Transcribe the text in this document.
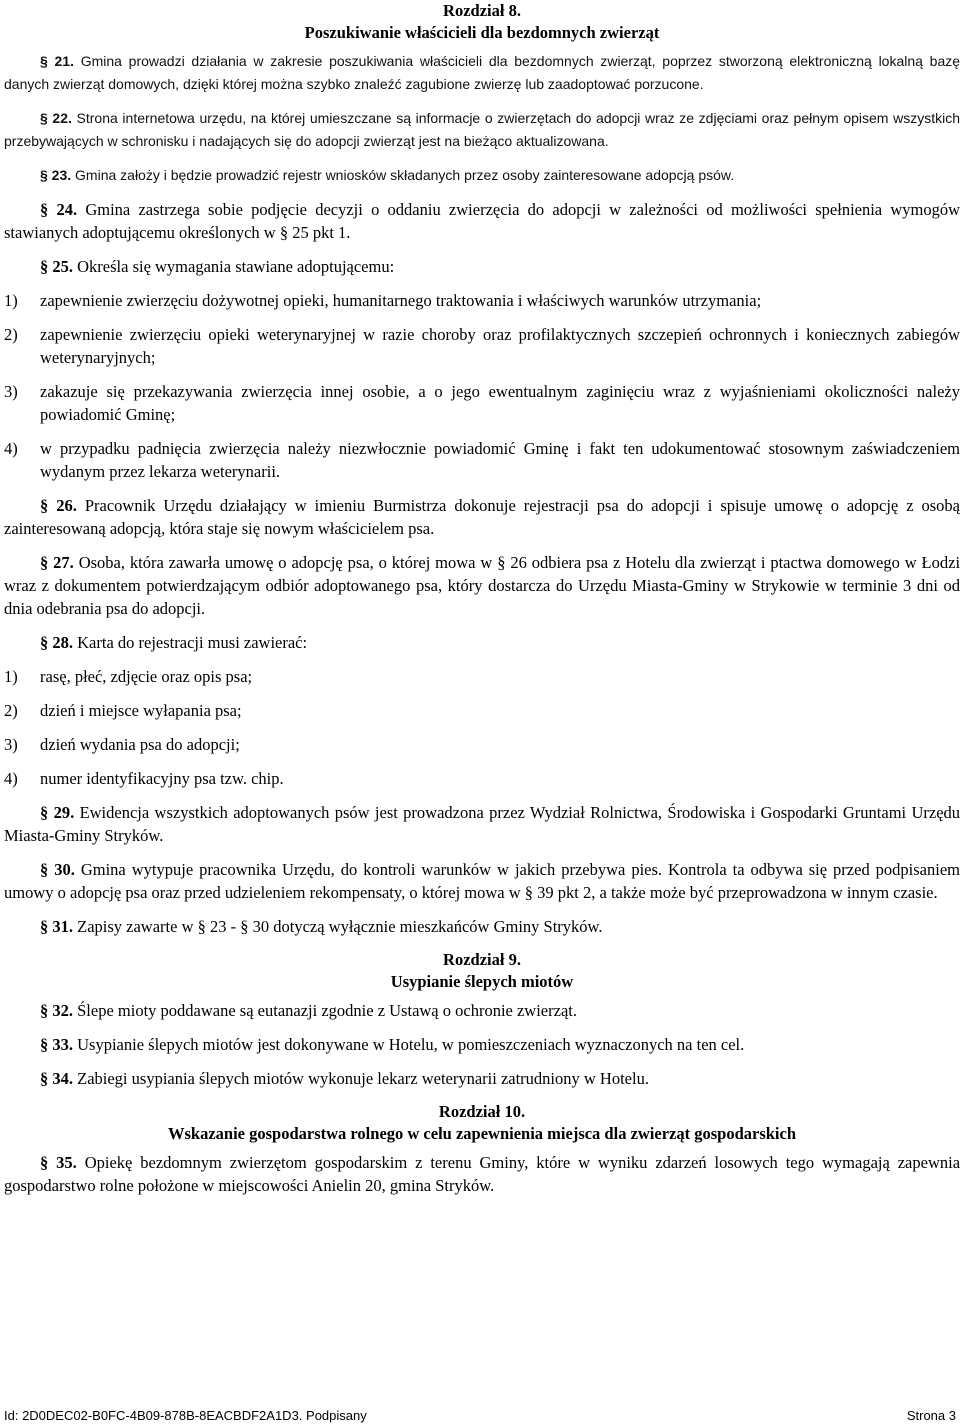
Rozdział 8.
Poszukiwanie właścicieli dla bezdomnych zwierząt

§ 21. Gmina prowadzi działania w zakresie poszukiwania właścicieli dla bezdomnych zwierząt, poprzez stworzoną elektroniczną lokalną bazę danych zwierząt domowych, dzięki której można szybko znaleźć zagubione zwierzę lub zaadoptować porzucone.

§ 22. Strona internetowa urzędu, na której umieszczane są informacje o zwierzętach do adopcji wraz ze zdjęciami oraz pełnym opisem wszystkich przebywających w schronisku i nadających się do adopcji zwierząt jest na bieżąco aktualizowana.

§ 23. Gmina założy i będzie prowadzić rejestr wniosków składanych przez osoby zainteresowane adopcją psów.

§ 24. Gmina zastrzega sobie podjęcie decyzji o oddaniu zwierzęcia do adopcji w zależności od możliwości spełnienia wymogów stawianych adoptującemu określonych w § 25 pkt 1.

§ 25. Określa się wymagania stawiane adoptującemu:

1) zapewnienie zwierzęciu dożywotnej opieki, humanitarnego traktowania i właściwych warunków utrzymania;

2) zapewnienie zwierzęciu opieki weterynaryjnej w razie choroby oraz profilaktycznych szczepień ochronnych i koniecznych zabiegów weterynaryjnych;

3) zakazuje się przekazywania zwierzęcia innej osobie, a o jego ewentualnym zaginięciu wraz z wyjaśnieniami okoliczności należy powiadomić Gminę;

4) w przypadku padnięcia zwierzęcia należy niezwłocznie powiadomić Gminę i fakt ten udokumentować stosownym zaświadczeniem wydanym przez lekarza weterynarii.

§ 26. Pracownik Urzędu działający w imieniu Burmistrza dokonuje rejestracji psa do adopcji i spisuje umowę o adopcję z osobą zainteresowaną adopcją, która staje się nowym właścicielem psa.

§ 27. Osoba, która zawarła umowę o adopcję psa, o której mowa w § 26 odbiera psa z Hotelu dla zwierząt i ptactwa domowego w Łodzi wraz z dokumentem potwierdzającym odbiór adoptowanego psa, który dostarcza do Urzędu Miasta-Gminy w Strykowie w terminie 3 dni od dnia odebrania psa do adopcji.

§ 28. Karta do rejestracji musi zawierać:

1) rasę, płeć, zdjęcie oraz opis psa;

2) dzień i miejsce wyłapania psa;

3) dzień wydania psa do adopcji;

4) numer identyfikacyjny psa tzw. chip.

§ 29. Ewidencja wszystkich adoptowanych psów jest prowadzona przez Wydział Rolnictwa, Środowiska i Gospodarki Gruntami Urzędu Miasta-Gminy Stryków.

§ 30. Gmina wytypuje pracownika Urzędu, do kontroli warunków w jakich przebywa pies. Kontrola ta odbywa się przed podpisaniem umowy o adopcję psa oraz przed udzieleniem rekompensaty, o której mowa w § 39 pkt 2, a także może być przeprowadzona w innym czasie.

§ 31. Zapisy zawarte w § 23 - § 30 dotyczą wyłącznie mieszkańców Gminy Stryków.

Rozdział 9.
Usypianie ślepych miotów

§ 32. Ślepe mioty poddawane są eutanazji zgodnie z Ustawą o ochronie zwierząt.

§ 33. Usypianie ślepych miotów jest dokonywane w Hotelu, w pomieszczeniach wyznaczonych na ten cel.

§ 34. Zabiegi usypiania ślepych miotów wykonuje lekarz weterynarii zatrudniony w Hotelu.

Rozdział 10.
Wskazanie gospodarstwa rolnego w celu zapewnienia miejsca dla zwierząt gospodarskich

§ 35. Opiekę bezdomnym zwierzętom gospodarskim z terenu Gminy, które w wyniku zdarzeń losowych tego wymagają zapewnia gospodarstwo rolne położone w miejscowości Anielin 20, gmina Stryków.

Id: 2D0DEC02-B0FC-4B09-878B-8EACBDF2A1D3. Podpisany	Strona 3
